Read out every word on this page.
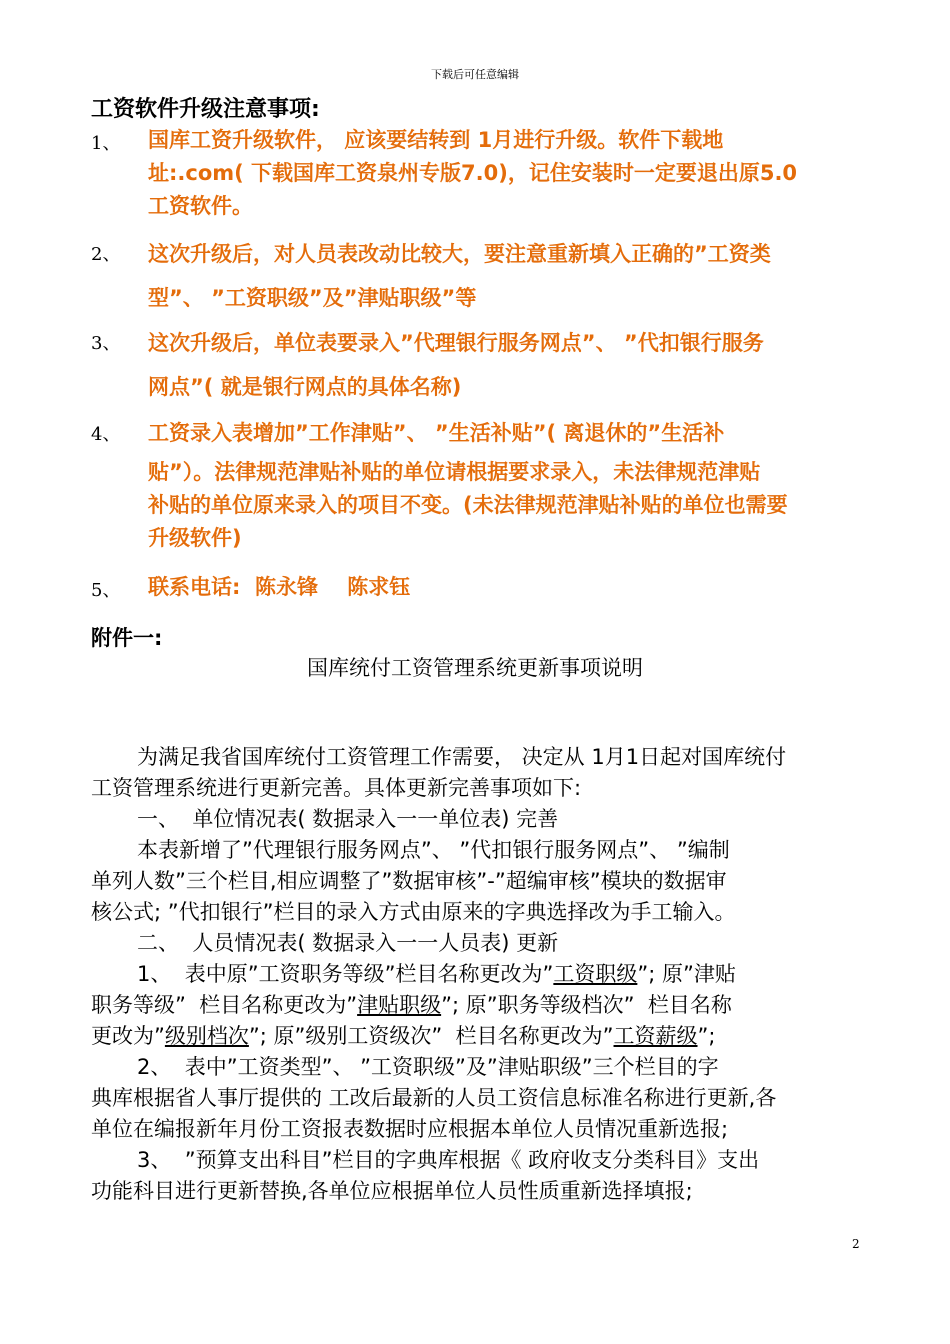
下载后可任意编辑
工资软件升级注意事项:
1、 国库工资升级软件， 应该要结转到 1月进行升级。软件下载地
址:.com( 下载国库工资泉州专版7.0)，记住安装时一定要退出原5.0
工资软件。
2、 这次升级后，对人员表改动比较大，要注意重新填入正确的”工资类
型”、 ”工资职级”及”津贴职级”等
3、 这次升级后，单位表要录入”代理银行服务网点”、 ”代扣银行服务
网点”( 就是银行网点的具体名称)
4、 工资录入表增加”工作津贴”、 ”生活补贴”( 离退休的”生活补
贴”）。法律规范津贴补贴的单位请根据要求录入，未法律规范津贴
补贴的单位原来录入的项目不变。(未法律规范津贴补贴的单位也需要
升级软件)
5、 联系电话:  陈永锋    陈求钰
附件一:
国库统付工资管理系统更新事项说明
为满足我省国库统付工资管理工作需要， 决定从 1月1日起对国库统付
工资管理系统进行更新完善。具体更新完善事项如下:
一、  单位情况表( 数据录入一一单位表) 完善
本表新增了”代理银行服务网点”、 ”代扣银行服务网点”、 ”编制
单列人数”三个栏目,相应调整了”数据审核”-”超编审核”模块的数据审
核公式; ”代扣银行”栏目的录入方式由原来的字典选择改为手工输入。
二、  人员情况表( 数据录入一一人员表) 更新
1、  表中原”工资职务等级”栏目名称更改为”工资职级”; 原”津贴
职务等级”  栏目名称更改为”津贴职级”; 原”职务等级档次”  栏目名称
更改为”级别档次”; 原”级别工资级次”  栏目名称更改为”工资薪级”;
2、  表中”工资类型”、 ”工资职级”及”津贴职级”三个栏目的字
典库根据省人事厅提供的 工改后最新的人员工资信息标准名称进行更新,各
单位在编报新年月份工资报表数据时应根据本单位人员情况重新选报;
3、  ”预算支出科目”栏目的字典库根据《 政府收支分类科目》支出
功能科目进行更新替换,各单位应根据单位人员性质重新选择填报;
2
